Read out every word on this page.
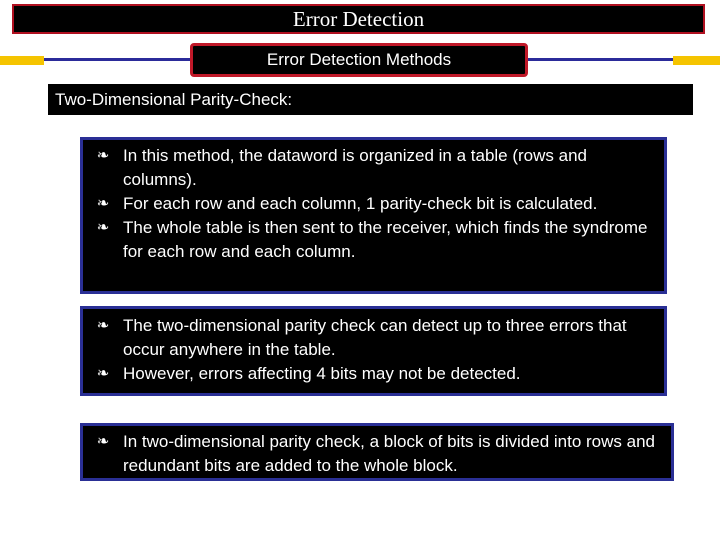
Error Detection
Error Detection Methods
Two-Dimensional Parity-Check:
❧ In this method, the dataword is organized in a table (rows and columns).
❧ For each row and each column, 1 parity-check bit is calculated.
❧ The whole table is then sent to the receiver, which finds the syndrome for each row and each column.
❧ The two-dimensional parity check can detect up to three errors that occur anywhere in the table.
❧ However, errors affecting 4 bits may not be detected.
❧ In two-dimensional parity check, a block of bits is divided into rows and redundant bits are added to the whole block.
